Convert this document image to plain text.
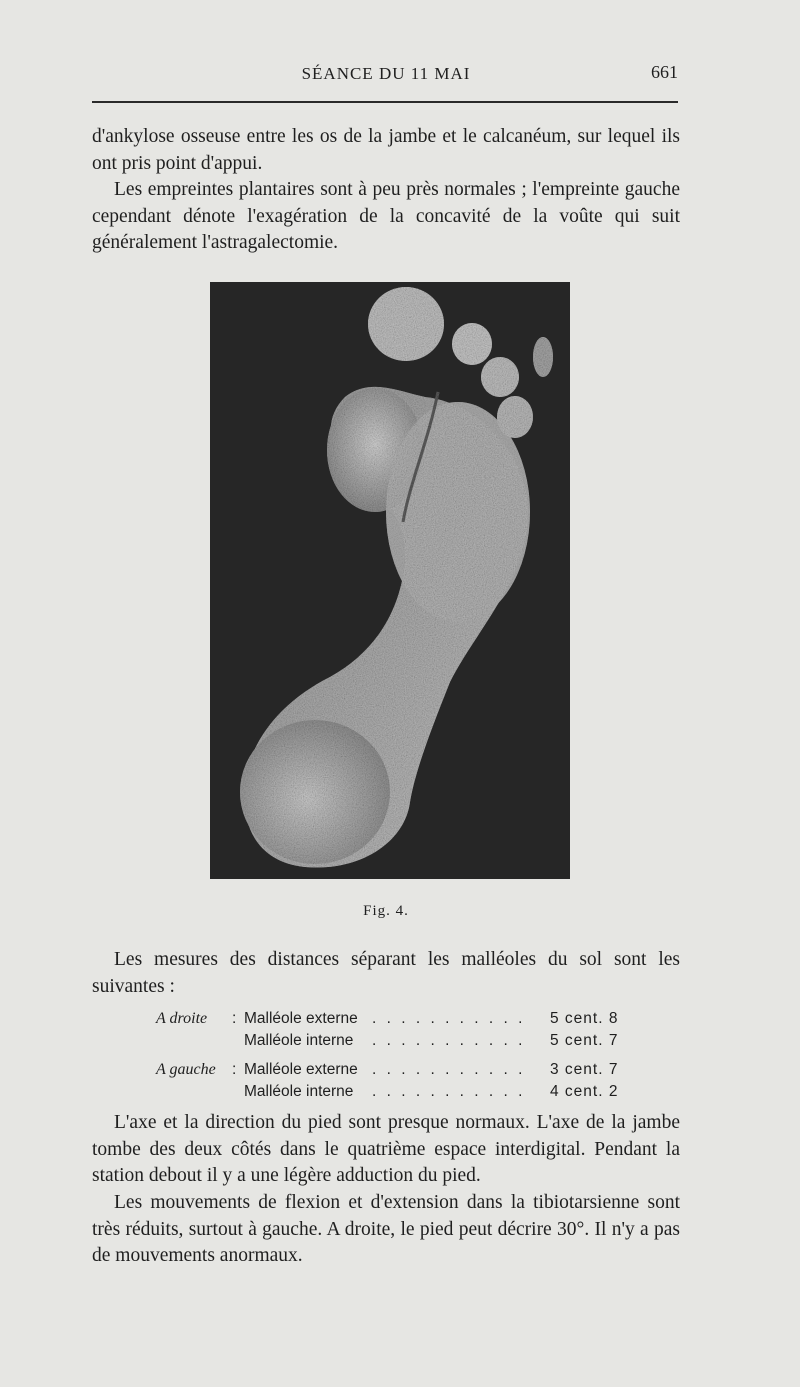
SÉANCE DU 11 MAI	661

d'ankylose osseuse entre les os de la jambe et le calcanéum, sur lequel ils ont pris point d'appui.

Les empreintes plantaires sont à peu près normales ; l'empreinte gauche cependant dénote l'exagération de la concavité de la voûte qui suit généralement l'astragalectomie.

Fig. 4.

Les mesures des distances séparant les malléoles du sol sont les suivantes :

A droite : Malléole externe . . . . . . . . . . . 5 cent. 8
Malléole interne . . . . . . . . . . . 5 cent. 7
A gauche : Malléole externe . . . . . . . . . . . 3 cent. 7
Malléole interne . . . . . . . . . . . 4 cent. 2

L'axe et la direction du pied sont presque normaux. L'axe de la jambe tombe des deux côtés dans le quatrième espace interdigital. Pendant la station debout il y a une légère adduction du pied.

Les mouvements de flexion et d'extension dans la tibiotarsienne sont très réduits, surtout à gauche. A droite, le pied peut décrire 30°. Il n'y a pas de mouvements anormaux.
